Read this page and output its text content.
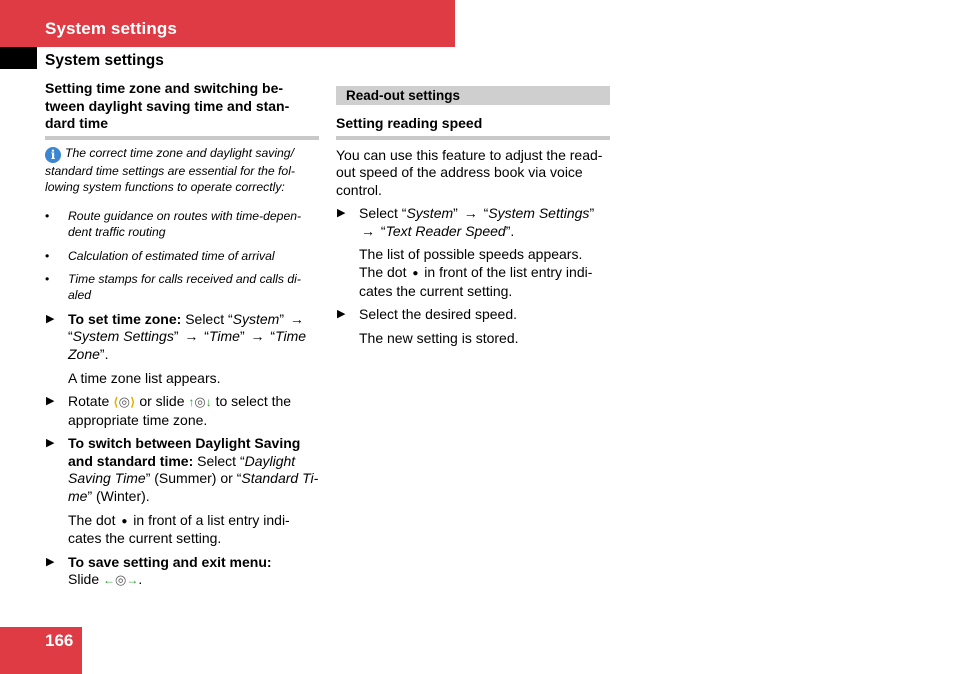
System settings
System settings
Setting time zone and switching be-
tween daylight saving time and stan-
dard time
i The correct time zone and daylight saving/ standard time settings are essential for the fol-lowing system functions to operate correctly:
• Route guidance on routes with time-depen-dent traffic routing
• Calculation of estimated time of arrival
• Time stamps for calls received and calls di-aled
▶ To set time zone: Select “System” → “System Settings” → “Time” → “Time Zone”.
A time zone list appears.
▶ Rotate ⟨◎⟩ or slide ↑◎↓ to select the appropriate time zone.
▶ To switch between Daylight Saving and standard time: Select “Daylight Saving Time” (Summer) or “Standard Ti-me” (Winter).
The dot ● in front of a list entry indi-cates the current setting.
▶ To save setting and exit menu:
Slide ←◎→.
Read-out settings
Setting reading speed
You can use this feature to adjust the read-out speed of the address book via voice control.
▶ Select “System” → “System Settings”
→ “Text Reader Speed”.
The list of possible speeds appears.
The dot ● in front of the list entry indi-cates the current setting.
▶ Select the desired speed.
The new setting is stored.
166
